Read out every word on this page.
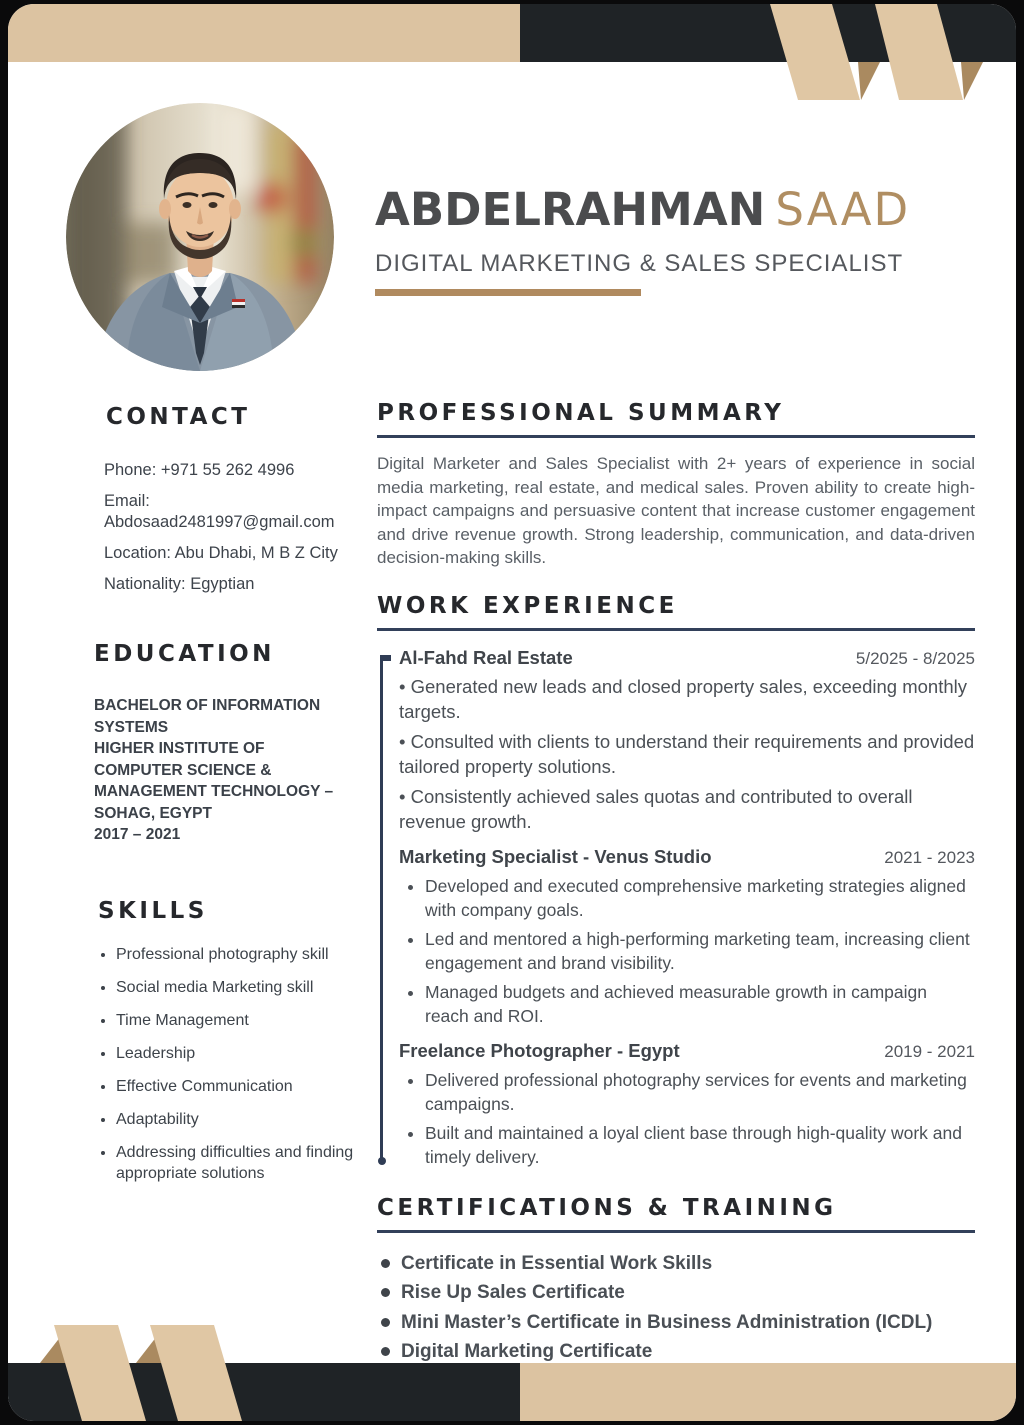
ABDELRAHMAN SAAD
DIGITAL MARKETING & SALES SPECIALIST
CONTACT
Phone: +971 55 262 4996
Email: Abdosaad2481997@gmail.com
Location: Abu Dhabi, M B Z City
Nationality: Egyptian
EDUCATION
BACHELOR OF INFORMATION SYSTEMS
HIGHER INSTITUTE OF COMPUTER SCIENCE & MANAGEMENT TECHNOLOGY – SOHAG, EGYPT
2017 – 2021
SKILLS
• Professional photography skill
• Social media Marketing skill
• Time Management
• Leadership
• Effective Communication
• Adaptability
• Addressing difficulties and finding appropriate solutions
PROFESSIONAL SUMMARY

Digital Marketer and Sales Specialist with 2+ years of experience in social media marketing, real estate, and medical sales. Proven ability to create high-impact campaigns and persuasive content that increase customer engagement and drive revenue growth. Strong leadership, communication, and data-driven decision-making skills.

WORK EXPERIENCE
Al-Fahd Real Estate	5/2025 - 8/2025

• Generated new leads and closed property sales, exceeding monthly targets.

• Consulted with clients to understand their requirements and provided tailored property solutions.

• Consistently achieved sales quotas and contributed to overall revenue growth.

Marketing Specialist - Venus Studio	2021 - 2023
• Developed and executed comprehensive marketing strategies aligned with company goals.
• Led and mentored a high-performing marketing team, increasing client engagement and brand visibility.
• Managed budgets and achieved measurable growth in campaign reach and ROI.
Freelance Photographer - Egypt	2019 - 2021
• Delivered professional photography services for events and marketing campaigns.
• Built and maintained a loyal client base through high-quality work and timely delivery.
CERTIFICATIONS & TRAINING
Certificate in Essential Work Skills
Rise Up Sales Certificate
Mini Master’s Certificate in Business Administration (ICDL)
Digital Marketing Certificate
